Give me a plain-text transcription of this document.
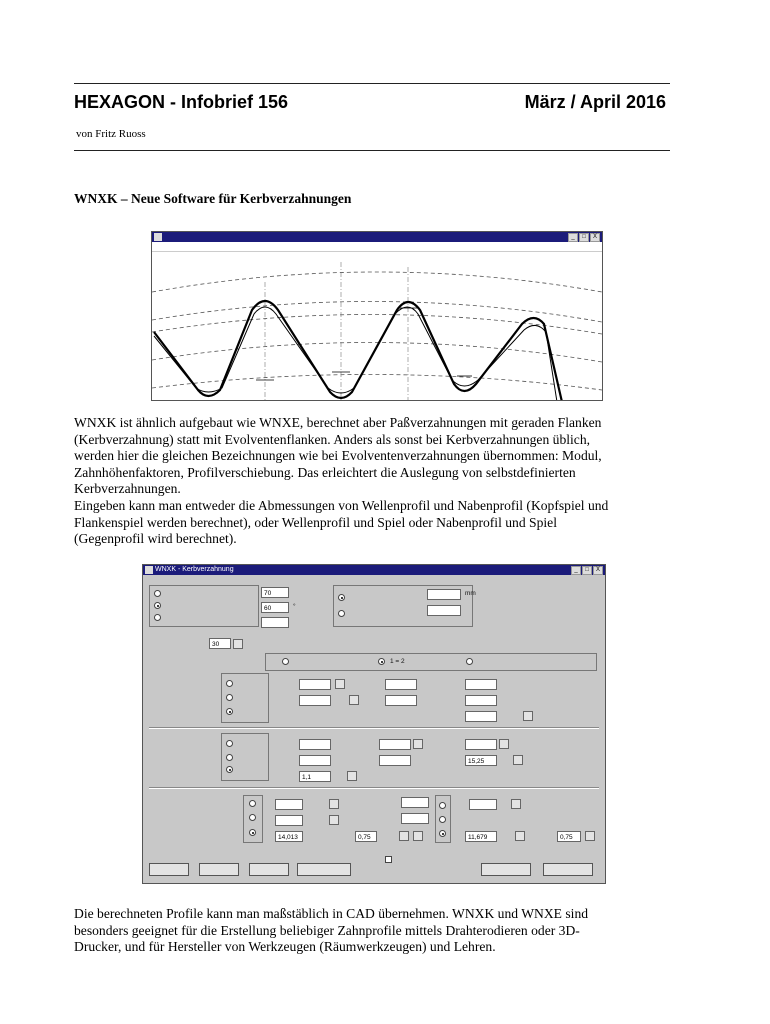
HEXAGON - Infobrief 156	März / April 2016
von Fritz Ruoss
WNXK – Neue Software für Kerbverzahnungen
_	□	X

WNXK ist ähnlich aufgebaut wie WNXE, berechnet aber Paßverzahnungen mit geraden Flanken
(Kerbverzahnung) statt mit Evolventenflanken. Anders als sonst bei Kerbverzahnungen üblich,
werden hier die gleichen Bezeichnungen wie bei Evolventenverzahnungen übernommen: Modul,
Zahnhöhenfaktoren, Profilverschiebung. Das erleichtert die Auslegung von selbstdefinierten
Kerbverzahnungen.
Eingeben kann man entweder die Abmessungen von Wellenprofil und Nabenprofil (Kopfspiel und
Flankenspiel werden berechnet), oder Wellenprofil und Spiel oder Nabenprofil und Spiel
(Gegenprofil wird berechnet).

WNXK - Kerbverzahnung	_	□	X
70
60	°
30
mm
1 = 2
1,1
15,25
14,013	0,75	11,679	0,75

Die berechneten Profile kann man maßstäblich in CAD übernehmen. WNXK und WNXE sind
besonders geeignet für die Erstellung beliebiger Zahnprofile mittels Drahterodieren oder 3D-
Drucker, und für Hersteller von Werkzeugen (Räumwerkzeugen) und Lehren.
